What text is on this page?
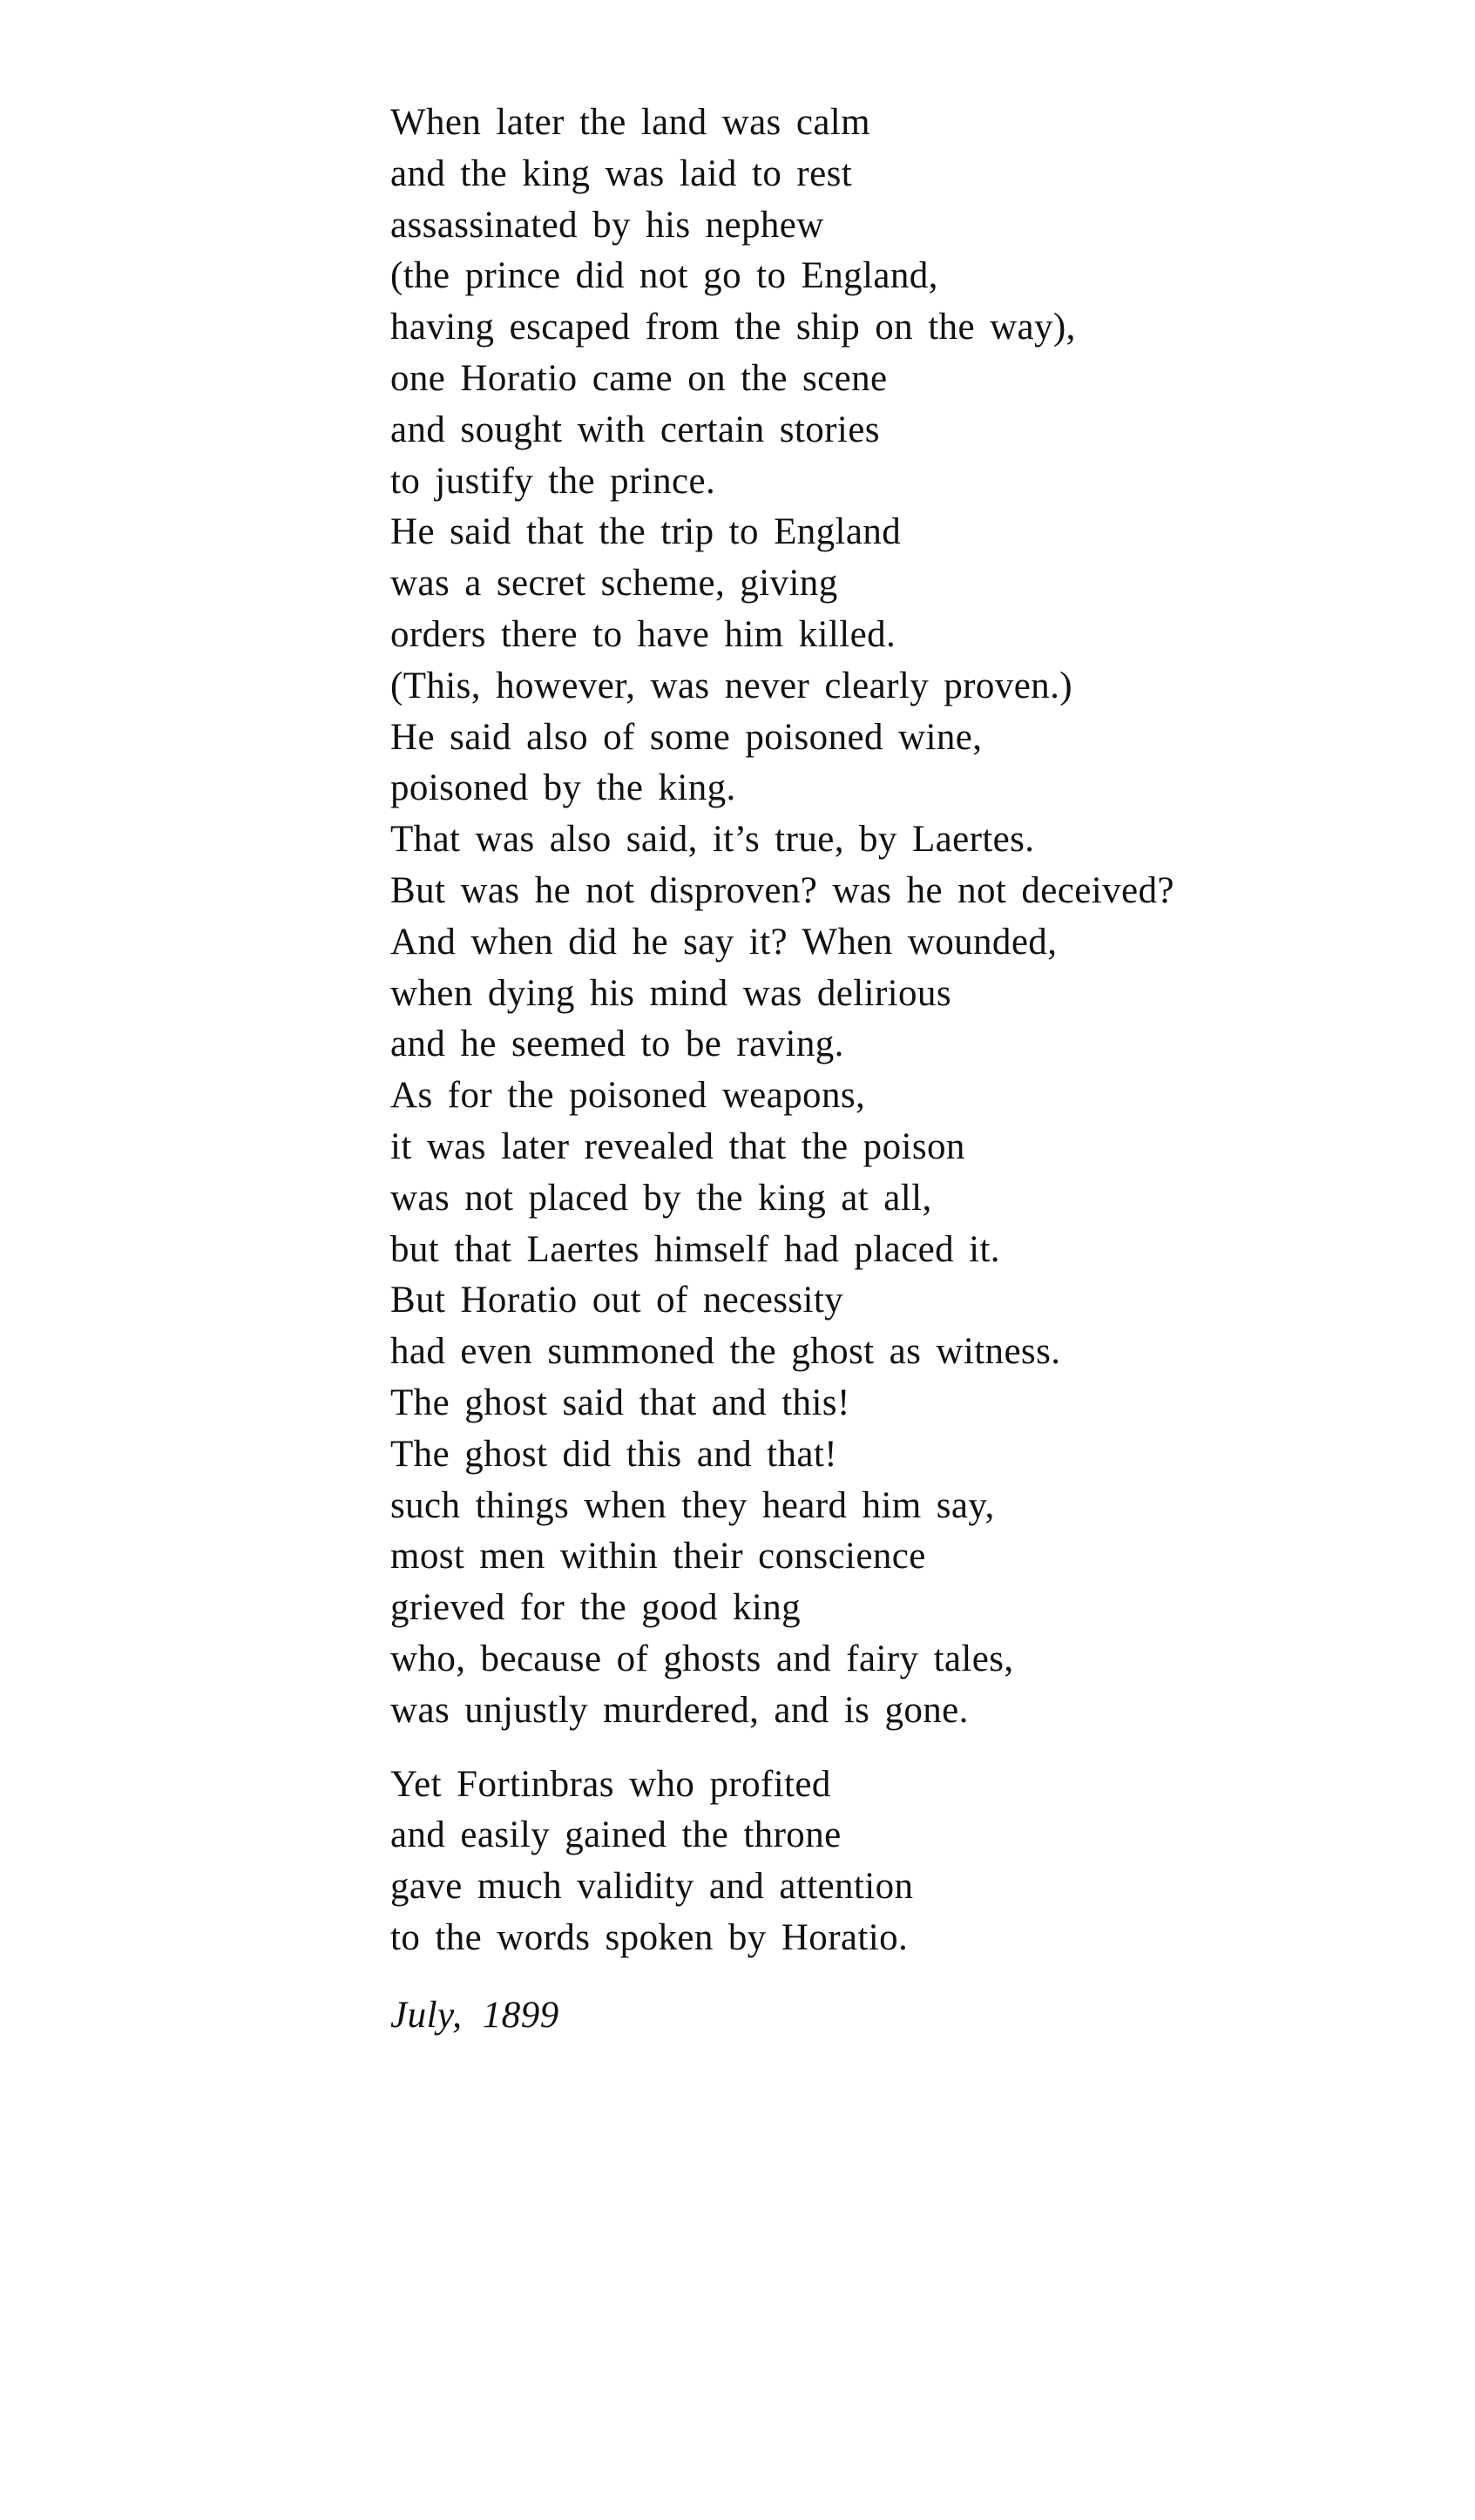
When later the land was calm
and the king was laid to rest
assassinated by his nephew
(the prince did not go to England,
having escaped from the ship on the way),
one Horatio came on the scene
and sought with certain stories
to justify the prince.
He said that the trip to England
was a secret scheme, giving
orders there to have him killed.
(This, however, was never clearly proven.)
He said also of some poisoned wine,
poisoned by the king.
That was also said, it’s true, by Laertes.
But was he not disproven? was he not deceived?
And when did he say it? When wounded,
when dying his mind was delirious
and he seemed to be raving.
As for the poisoned weapons,
it was later revealed that the poison
was not placed by the king at all,
but that Laertes himself had placed it.
But Horatio out of necessity
had even summoned the ghost as witness.
The ghost said that and this!
The ghost did this and that!
such things when they heard him say,
most men within their conscience
grieved for the good king
who, because of ghosts and fairy tales,
was unjustly murdered, and is gone.
Yet Fortinbras who profited
and easily gained the throne
gave much validity and attention
to the words spoken by Horatio.
July, 1899
